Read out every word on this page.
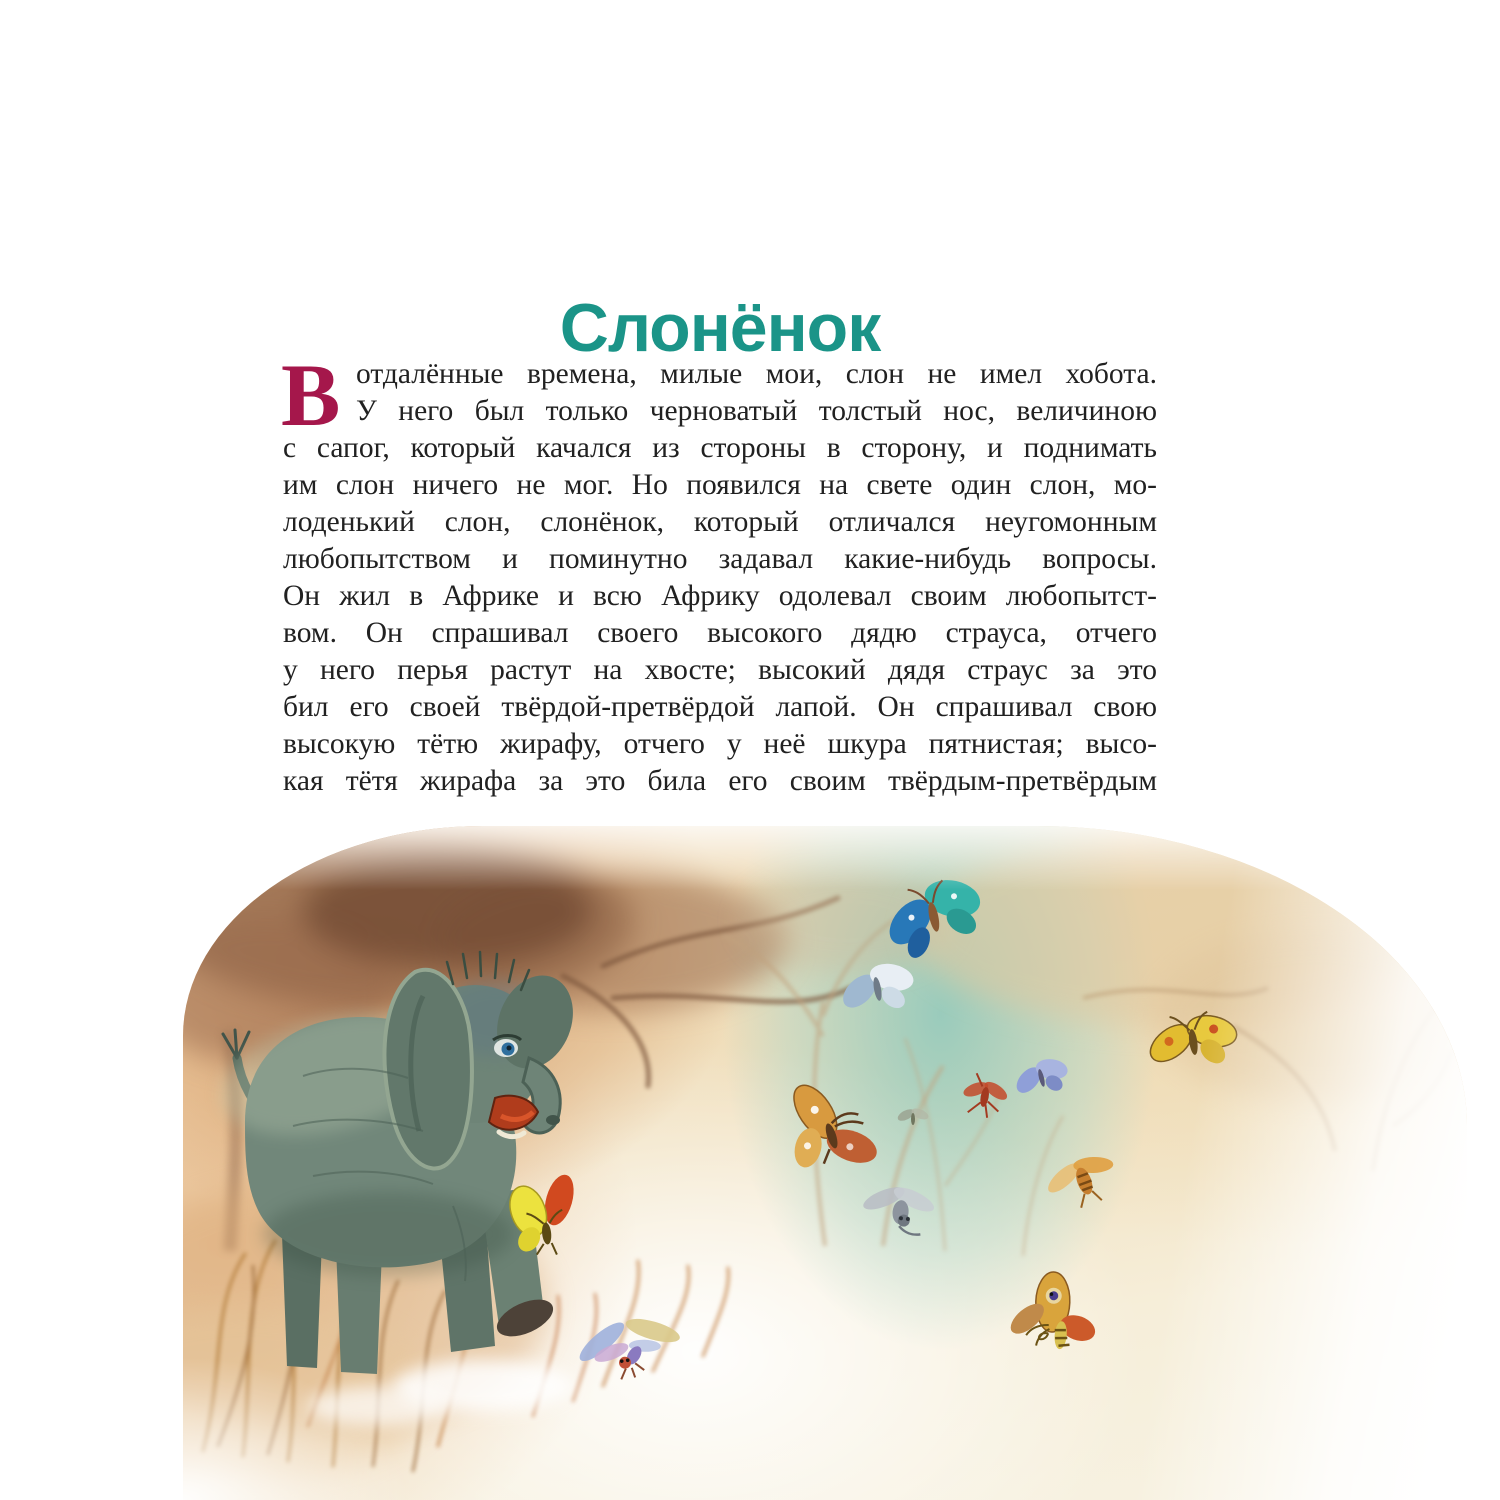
Слонёнок
В отдалённые времена, милые мои, слон не имел хобота.
У него был только черноватый толстый нос, величиною
с сапог, который качался из стороны в сторону, и поднимать
им слон ничего не мог. Но появился на свете один слон, мо-
лоденький слон, слонёнок, который отличался неугомонным
любопытством и поминутно задавал какие-нибудь вопросы.
Он жил в Африке и всю Африку одолевал своим любопытст-
вом. Он спрашивал своего высокого дядю страуса, отчего
у него перья растут на хвосте; высокий дядя страус за это
бил его своей твёрдой-претвёрдой лапой. Он спрашивал свою
высокую тётю жирафу, отчего у неё шкура пятнистая; высо-
кая тётя жирафа за это била его своим твёрдым-претвёрдым
